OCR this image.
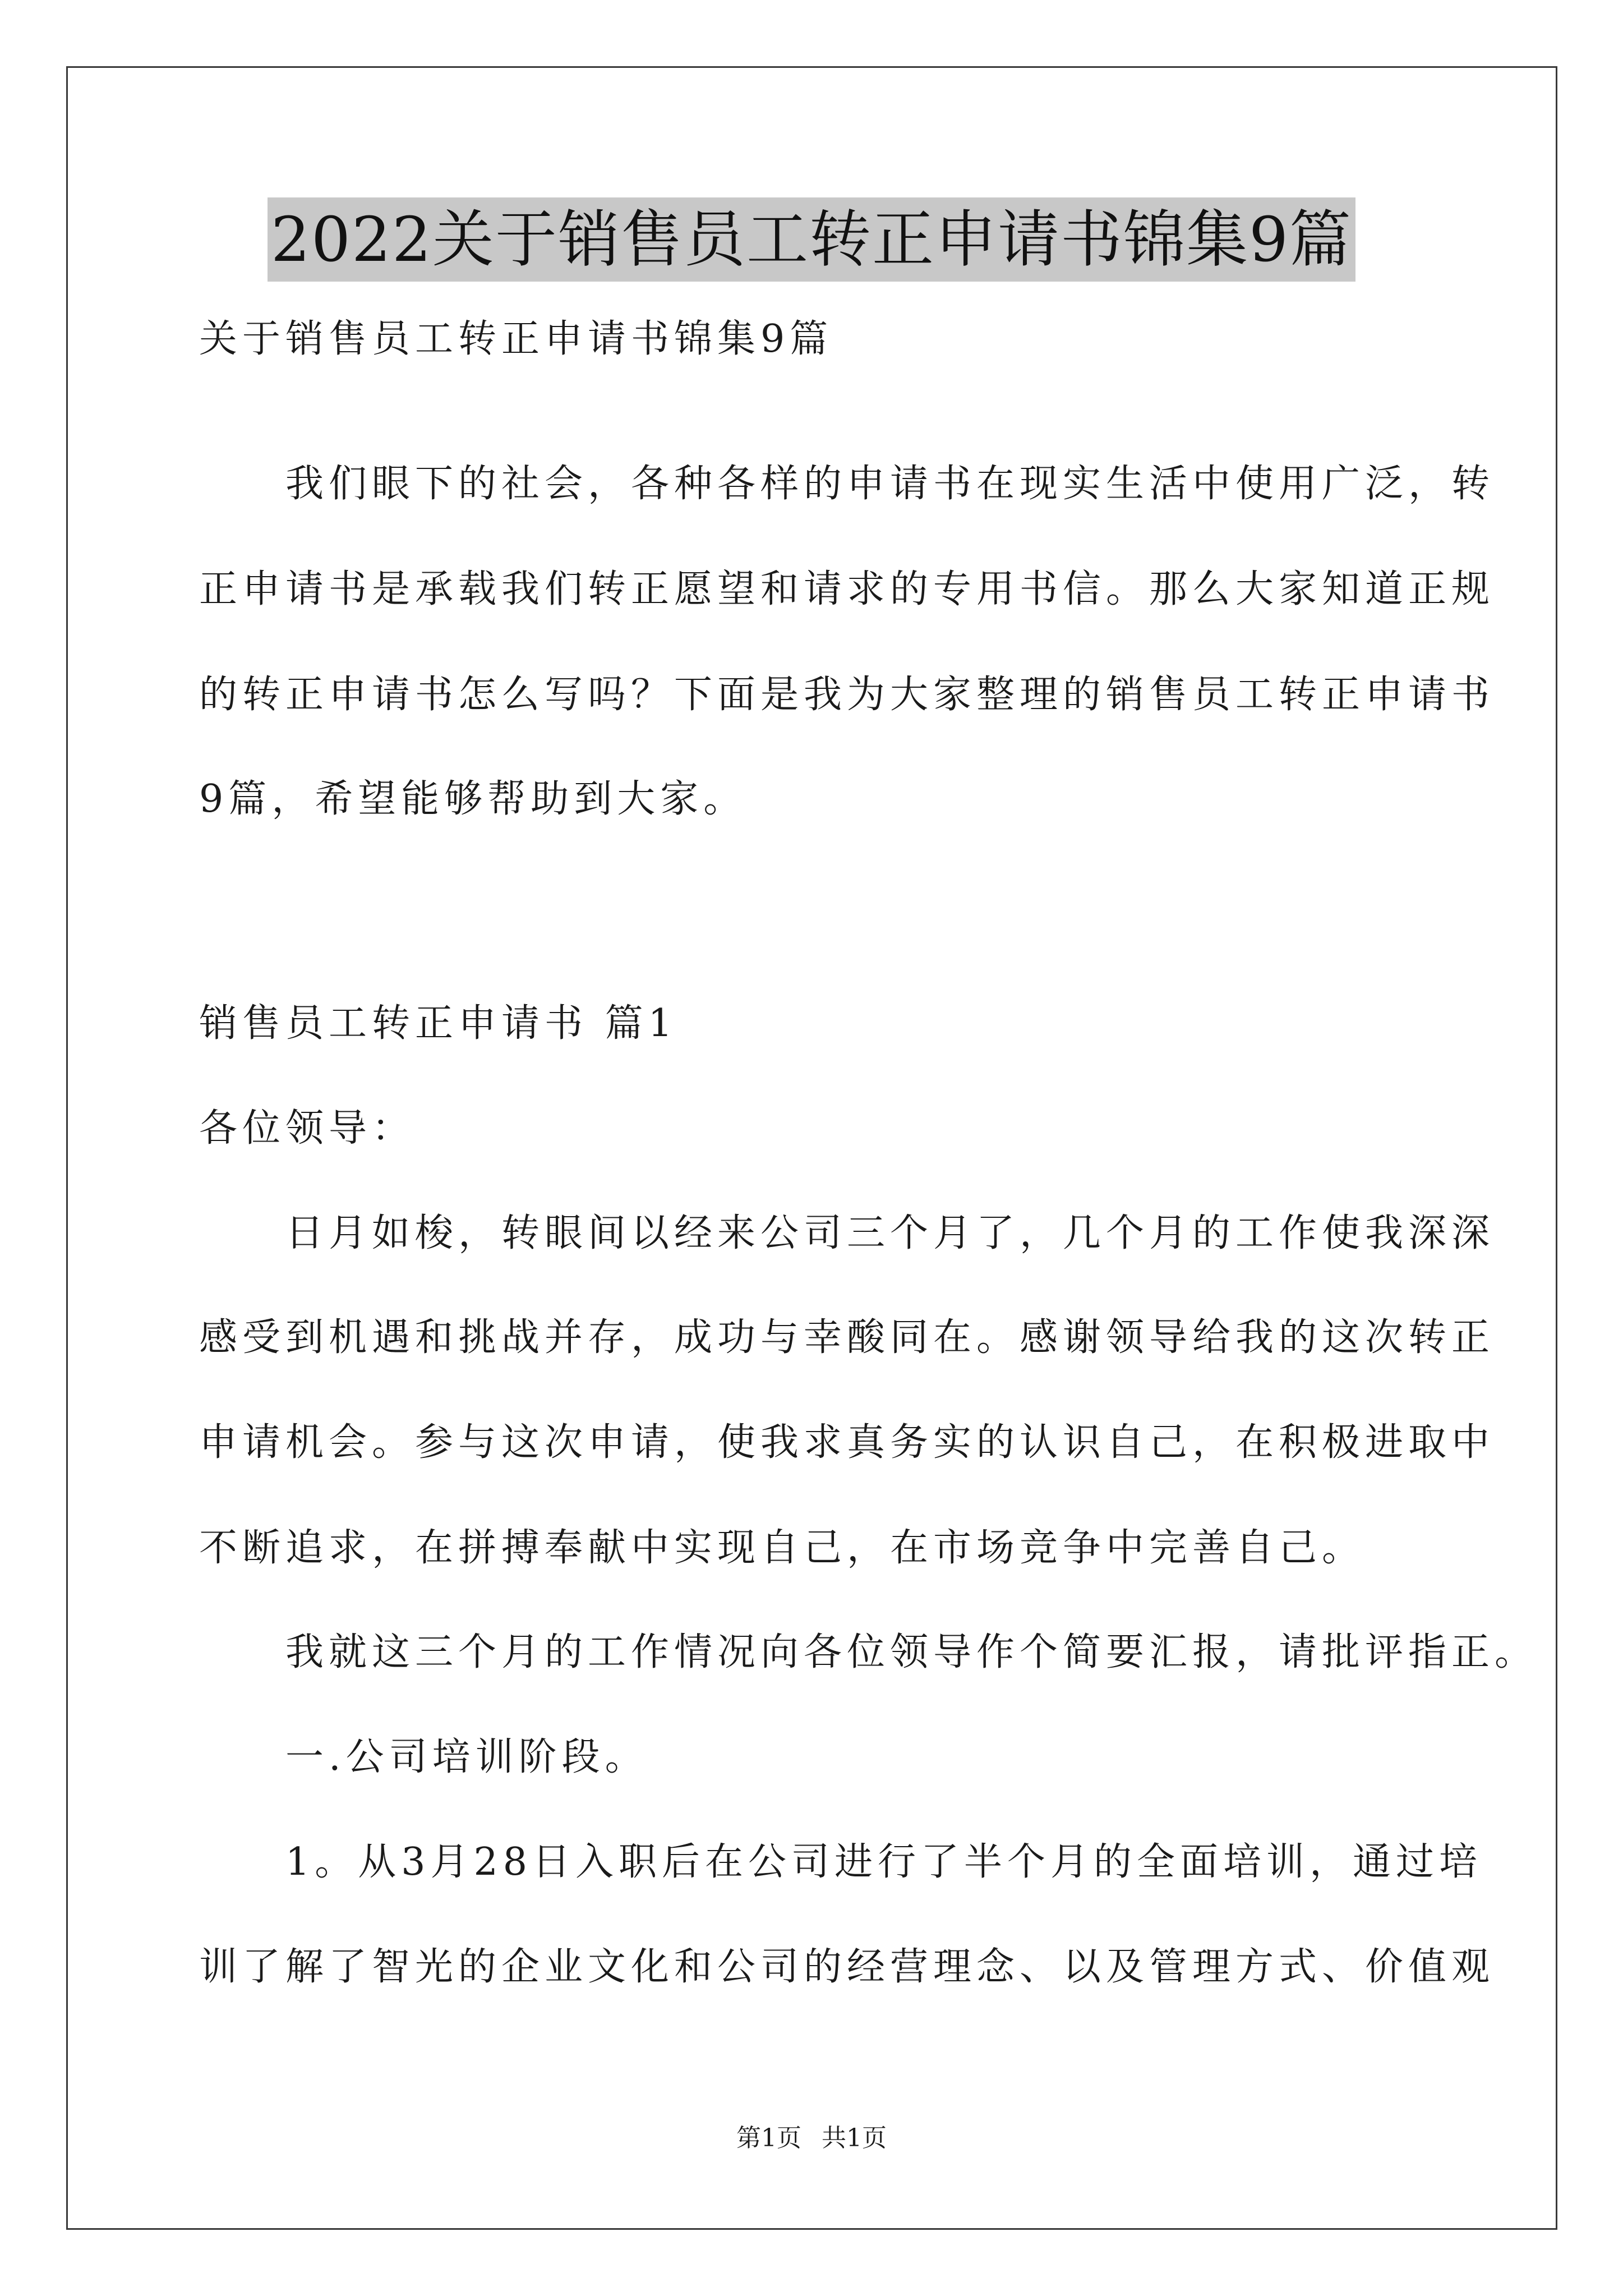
2022关于销售员工转正申请书锦集9篇
关于销售员工转正申请书锦集9篇
　　我们眼下的社会，各种各样的申请书在现实生活中使用广泛，转
正申请书是承载我们转正愿望和请求的专用书信。那么大家知道正规
的转正申请书怎么写吗？下面是我为大家整理的销售员工转正申请书
9篇，希望能够帮助到大家。
销售员工转正申请书 篇1
各位领导：
　　日月如梭，转眼间以经来公司三个月了，几个月的工作使我深深
感受到机遇和挑战并存，成功与幸酸同在。感谢领导给我的这次转正
申请机会。参与这次申请，使我求真务实的认识自己，在积极进取中
不断追求，在拼搏奉献中实现自己，在市场竞争中完善自己。
　　我就这三个月的工作情况向各位领导作个简要汇报，请批评指正。
　　一.公司培训阶段。
　　1。从3月28日入职后在公司进行了半个月的全面培训，通过培
训了解了智光的企业文化和公司的经营理念、以及管理方式、价值观
第1页 共1页
